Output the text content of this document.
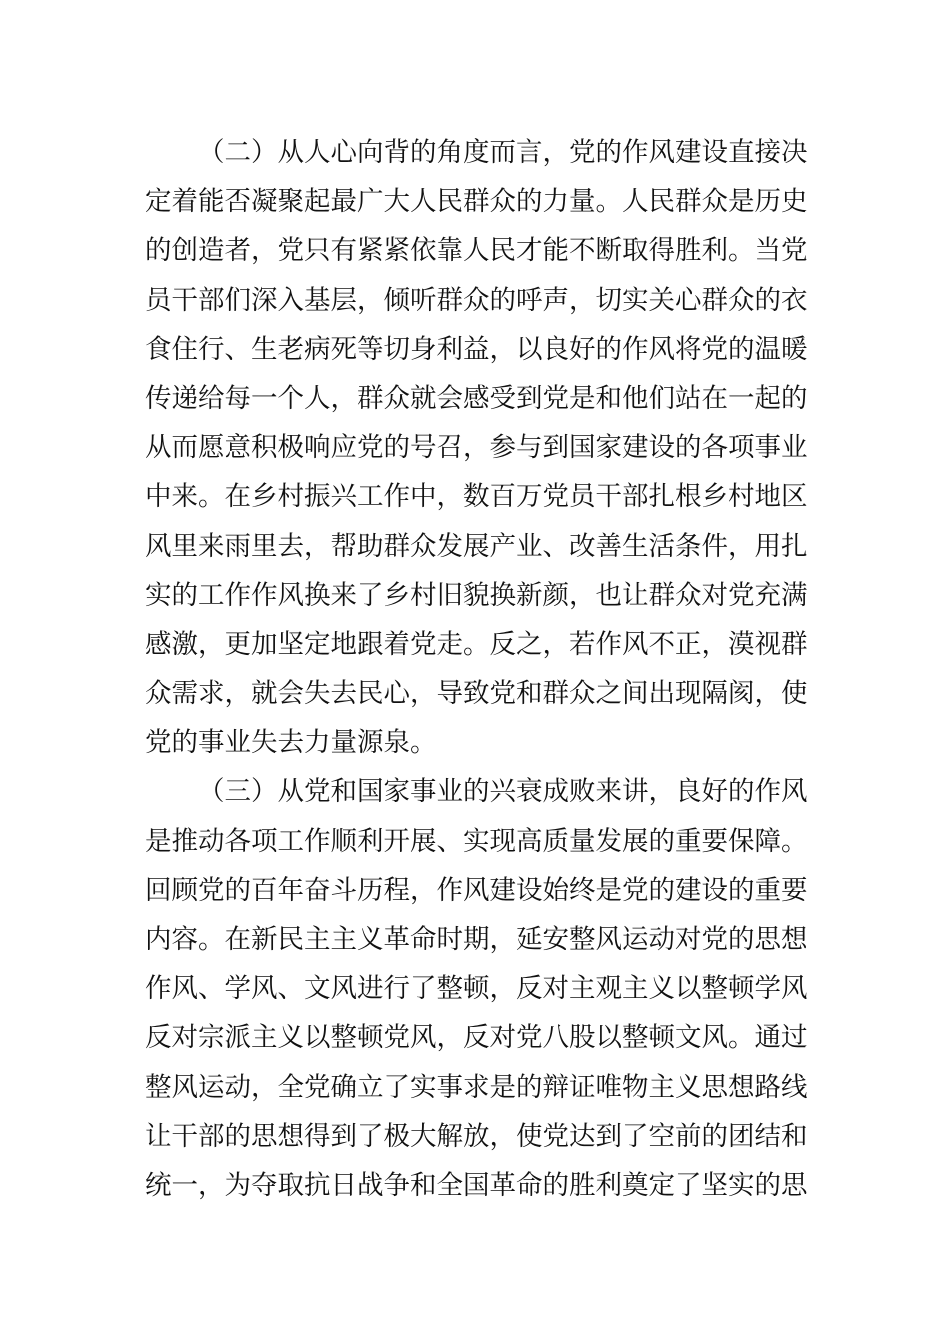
（二）从人心向背的角度而言，党的作风建设直接决
定着能否凝聚起最广大人民群众的力量。人民群众是历史
的创造者，党只有紧紧依靠人民才能不断取得胜利。当党
员干部们深入基层，倾听群众的呼声，切实关心群众的衣
食住行、生老病死等切身利益，以良好的作风将党的温暖
传递给每一个人，群众就会感受到党是和他们站在一起的
从而愿意积极响应党的号召，参与到国家建设的各项事业
中来。在乡村振兴工作中，数百万党员干部扎根乡村地区
风里来雨里去，帮助群众发展产业、改善生活条件，用扎
实的工作作风换来了乡村旧貌换新颜，也让群众对党充满
感激，更加坚定地跟着党走。反之，若作风不正，漠视群
众需求，就会失去民心，导致党和群众之间出现隔阂，使
党的事业失去力量源泉。
（三）从党和国家事业的兴衰成败来讲，良好的作风
是推动各项工作顺利开展、实现高质量发展的重要保障。
回顾党的百年奋斗历程，作风建设始终是党的建设的重要
内容。在新民主主义革命时期，延安整风运动对党的思想
作风、学风、文风进行了整顿，反对主观主义以整顿学风
反对宗派主义以整顿党风，反对党八股以整顿文风。通过
整风运动，全党确立了实事求是的辩证唯物主义思想路线
让干部的思想得到了极大解放，使党达到了空前的团结和
统一，为夺取抗日战争和全国革命的胜利奠定了坚实的思
